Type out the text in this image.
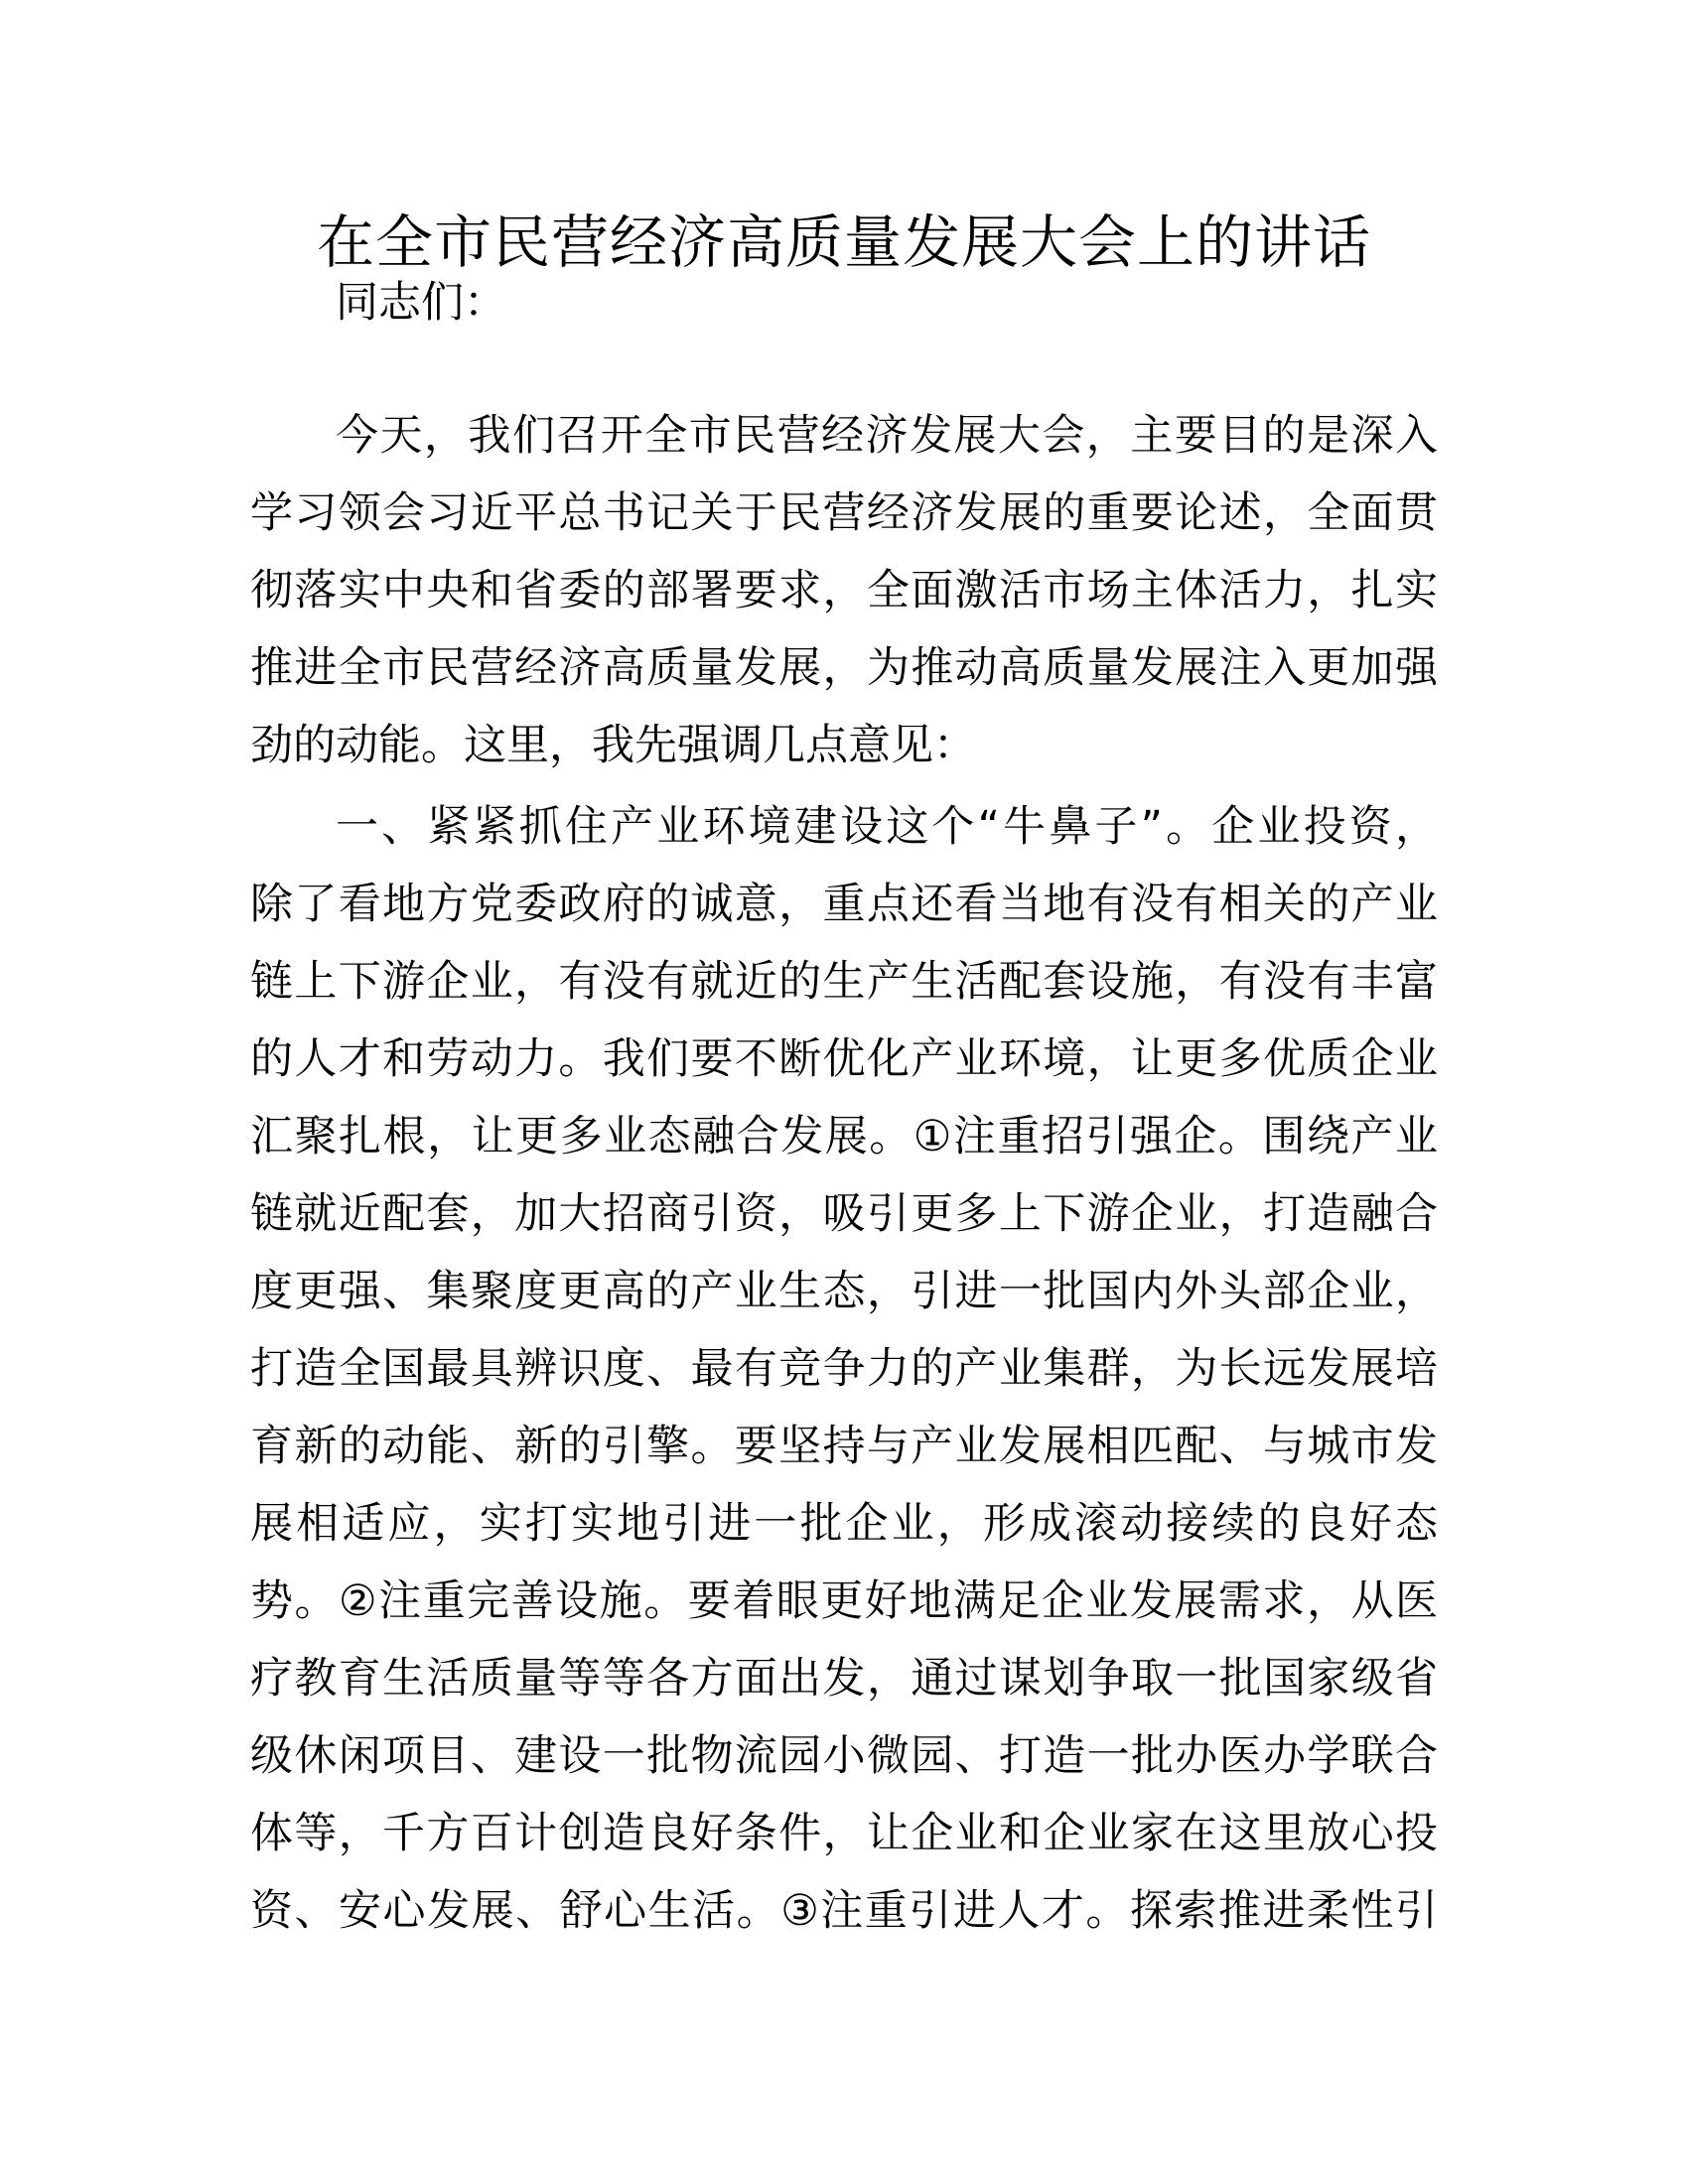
在全市民营经济高质量发展大会上的讲话

同志们：

今天，我们召开全市民营经济发展大会，主要目的是深入
学习领会习近平总书记关于民营经济发展的重要论述，全面贯
彻落实中央和省委的部署要求，全面激活市场主体活力，扎实
推进全市民营经济高质量发展，为推动高质量发展注入更加强
劲的动能。这里，我先强调几点意见：
一、紧紧抓住产业环境建设这个“牛鼻子”。企业投资，
除了看地方党委政府的诚意，重点还看当地有没有相关的产业
链上下游企业，有没有就近的生产生活配套设施，有没有丰富
的人才和劳动力。我们要不断优化产业环境，让更多优质企业
汇聚扎根，让更多业态融合发展。①注重招引强企。围绕产业
链就近配套，加大招商引资，吸引更多上下游企业，打造融合
度更强、集聚度更高的产业生态，引进一批国内外头部企业，
打造全国最具辨识度、最有竞争力的产业集群，为长远发展培
育新的动能、新的引擎。要坚持与产业发展相匹配、与城市发
展相适应，实打实地引进一批企业，形成滚动接续的良好态
势。②注重完善设施。要着眼更好地满足企业发展需求，从医
疗教育生活质量等等各方面出发，通过谋划争取一批国家级省
级休闲项目、建设一批物流园小微园、打造一批办医办学联合
体等，千方百计创造良好条件，让企业和企业家在这里放心投
资、安心发展、舒心生活。③注重引进人才。探索推进柔性引
